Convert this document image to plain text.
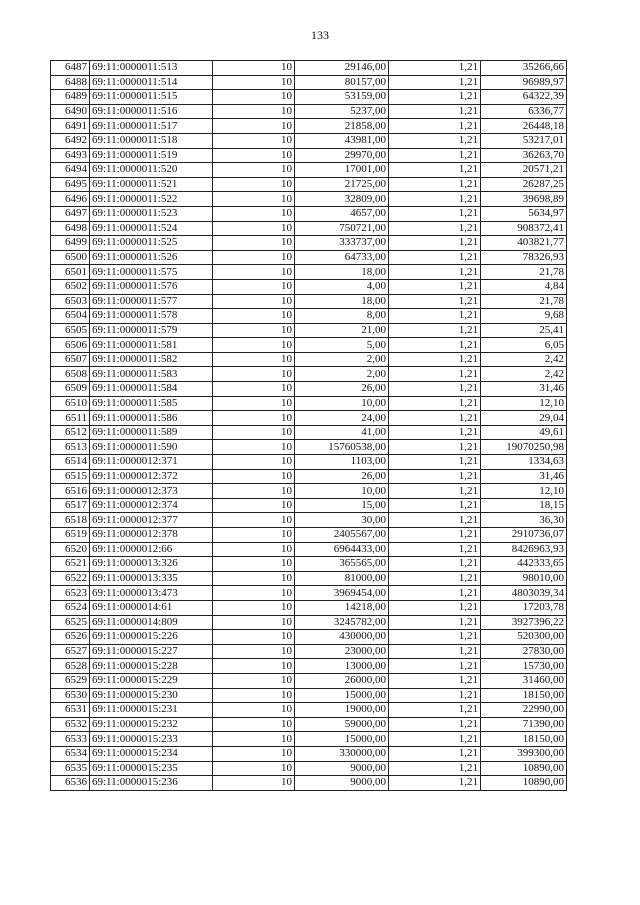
133
6487	69:11:0000011:513	10	29146,00	1,21	35266,66
6488	69:11:0000011:514	10	80157,00	1,21	96989,97
6489	69:11:0000011:515	10	53159,00	1,21	64322,39
6490	69:11:0000011:516	10	5237,00	1,21	6336,77
6491	69:11:0000011:517	10	21858,00	1,21	26448,18
6492	69:11:0000011:518	10	43981,00	1,21	53217,01
6493	69:11:0000011:519	10	29970,00	1,21	36263,70
6494	69:11:0000011:520	10	17001,00	1,21	20571,21
6495	69:11:0000011:521	10	21725,00	1,21	26287,25
6496	69:11:0000011:522	10	32809,00	1,21	39698,89
6497	69:11:0000011:523	10	4657,00	1,21	5634,97
6498	69:11:0000011:524	10	750721,00	1,21	908372,41
6499	69:11:0000011:525	10	333737,00	1,21	403821,77
6500	69:11:0000011:526	10	64733,00	1,21	78326,93
6501	69:11:0000011:575	10	18,00	1,21	21,78
6502	69:11:0000011:576	10	4,00	1,21	4,84
6503	69:11:0000011:577	10	18,00	1,21	21,78
6504	69:11:0000011:578	10	8,00	1,21	9,68
6505	69:11:0000011:579	10	21,00	1,21	25,41
6506	69:11:0000011:581	10	5,00	1,21	6,05
6507	69:11:0000011:582	10	2,00	1,21	2,42
6508	69:11:0000011:583	10	2,00	1,21	2,42
6509	69:11:0000011:584	10	26,00	1,21	31,46
6510	69:11:0000011:585	10	10,00	1,21	12,10
6511	69:11:0000011:586	10	24,00	1,21	29,04
6512	69:11:0000011:589	10	41,00	1,21	49,61
6513	69:11:0000011:590	10	15760538,00	1,21	19070250,98
6514	69:11:0000012:371	10	1103,00	1,21	1334,63
6515	69:11:0000012:372	10	26,00	1,21	31,46
6516	69:11:0000012:373	10	10,00	1,21	12,10
6517	69:11:0000012:374	10	15,00	1,21	18,15
6518	69:11:0000012:377	10	30,00	1,21	36,30
6519	69:11:0000012:378	10	2405567,00	1,21	2910736,07
6520	69:11:0000012:66	10	6964433,00	1,21	8426963,93
6521	69:11:0000013:326	10	365565,00	1,21	442333,65
6522	69:11:0000013:335	10	81000,00	1,21	98010,00
6523	69:11:0000013:473	10	3969454,00	1,21	4803039,34
6524	69:11:0000014:61	10	14218,00	1,21	17203,78
6525	69:11:0000014:809	10	3245782,00	1,21	3927396,22
6526	69:11:0000015:226	10	430000,00	1,21	520300,00
6527	69:11:0000015:227	10	23000,00	1,21	27830,00
6528	69:11:0000015:228	10	13000,00	1,21	15730,00
6529	69:11:0000015:229	10	26000,00	1,21	31460,00
6530	69:11:0000015:230	10	15000,00	1,21	18150,00
6531	69:11:0000015:231	10	19000,00	1,21	22990,00
6532	69:11:0000015:232	10	59000,00	1,21	71390,00
6533	69:11:0000015:233	10	15000,00	1,21	18150,00
6534	69:11:0000015:234	10	330000,00	1,21	399300,00
6535	69:11:0000015:235	10	9000,00	1,21	10890,00
6536	69:11:0000015:236	10	9000,00	1,21	10890,00
